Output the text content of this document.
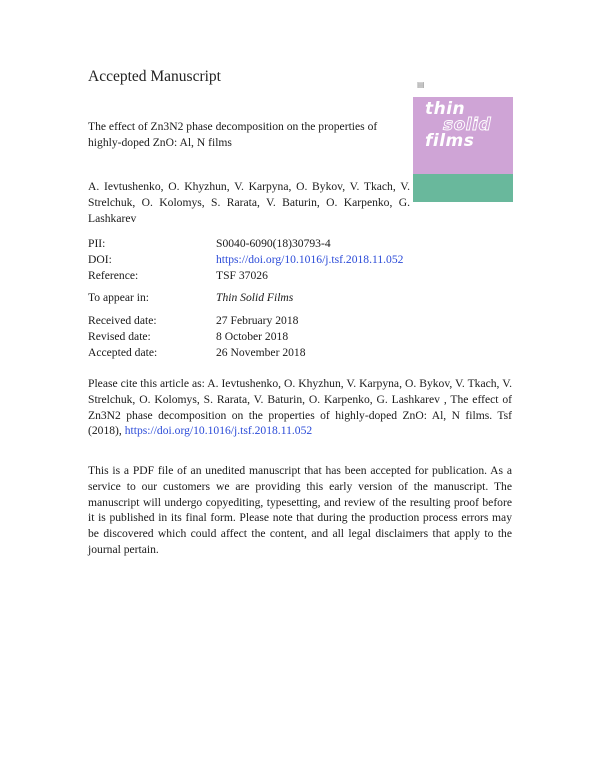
Accepted Manuscript
The effect of Zn3N2 phase decomposition on the properties of highly-doped ZnO: Al, N films
▤
thin
solid
films
A. Ievtushenko, O. Khyzhun, V. Karpyna, O. Bykov, V. Tkach, V. Strelchuk, O. Kolomys, S. Rarata, V. Baturin, O. Karpenko, G. Lashkarev
PII:	S0040-6090(18)30793-4
DOI:	https://doi.org/10.1016/j.tsf.2018.11.052
Reference:	TSF 37026
To appear in:	Thin Solid Films
Received date:	27 February 2018
Revised date:	8 October 2018
Accepted date:	26 November 2018
Please cite this article as: A. Ievtushenko, O. Khyzhun, V. Karpyna, O. Bykov, V. Tkach, V. Strelchuk, O. Kolomys, S. Rarata, V. Baturin, O. Karpenko, G. Lashkarev , The effect of Zn3N2 phase decomposition on the properties of highly-doped ZnO: Al, N films. Tsf (2018), https://doi.org/10.1016/j.tsf.2018.11.052
This is a PDF file of an unedited manuscript that has been accepted for publication. As a service to our customers we are providing this early version of the manuscript. The manuscript will undergo copyediting, typesetting, and review of the resulting proof before it is published in its final form. Please note that during the production process errors may be discovered which could affect the content, and all legal disclaimers that apply to the journal pertain.
